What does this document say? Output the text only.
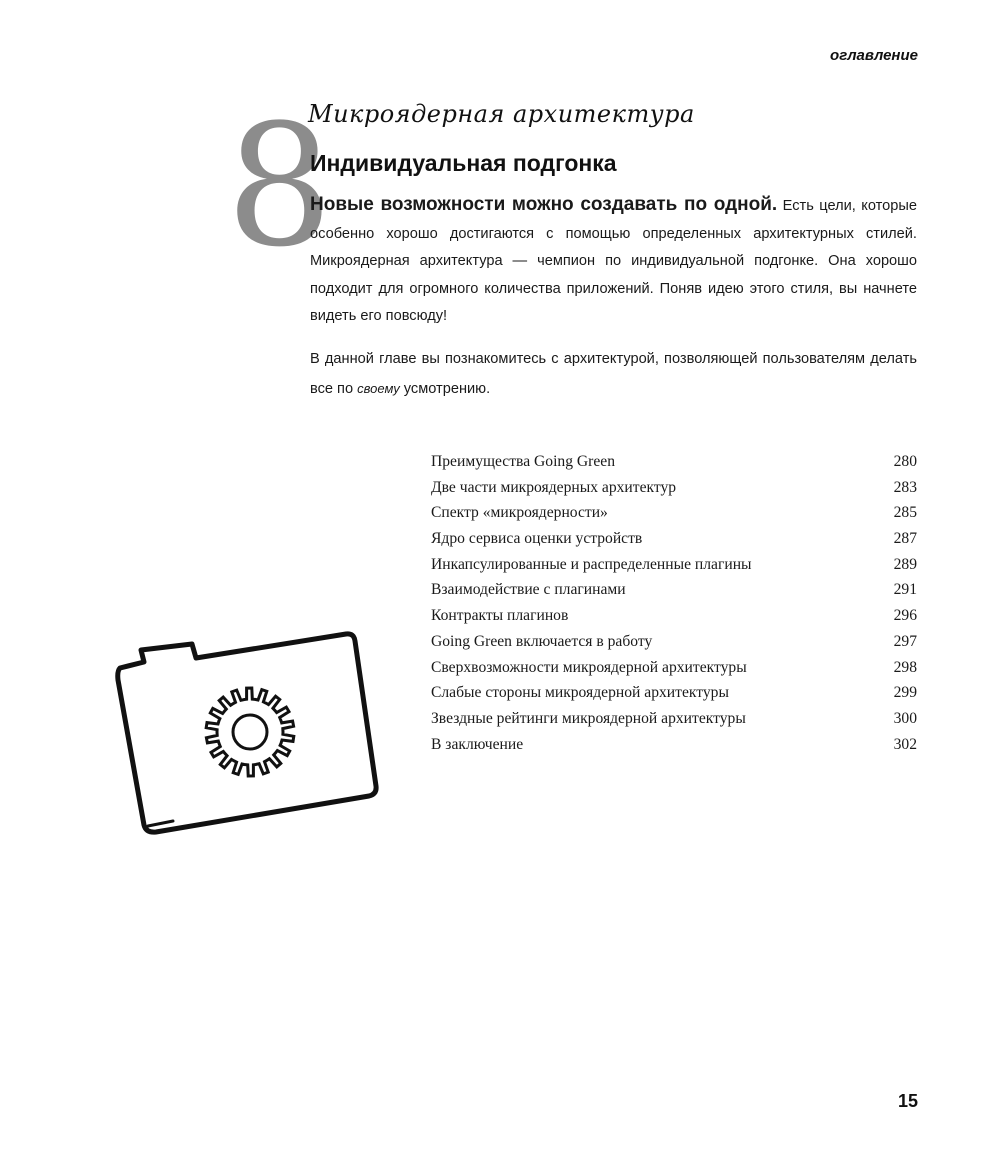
оглавление
8
Микроядерная архитектура
Индивидуальная подгонка

Новые возможности можно создавать по одной. Есть цели, которые особенно хорошо достигаются с помощью определенных архитектурных стилей. Микроядерная архитектура — чемпион по индивидуальной подгонке. Она хорошо подходит для огромного количества приложений. Поняв идею этого стиля, вы начнете видеть его повсюду!

В данной главе вы познакомитесь с архитектурой, позволяющей пользователям делать все по своему усмотрению.

Преимущества Going Green	280
Две части микроядерных архитектур	283
Спектр «микроядерности»	285
Ядро сервиса оценки устройств	287
Инкапсулированные и распределенные плагины	289
Взаимодействие с плагинами	291
Контракты плагинов	296
Going Green включается в работу	297
Сверхвозможности микроядерной архитектуры	298
Слабые стороны микроядерной архитектуры	299
Звездные рейтинги микроядерной архитектуры	300
В заключение	302
15
